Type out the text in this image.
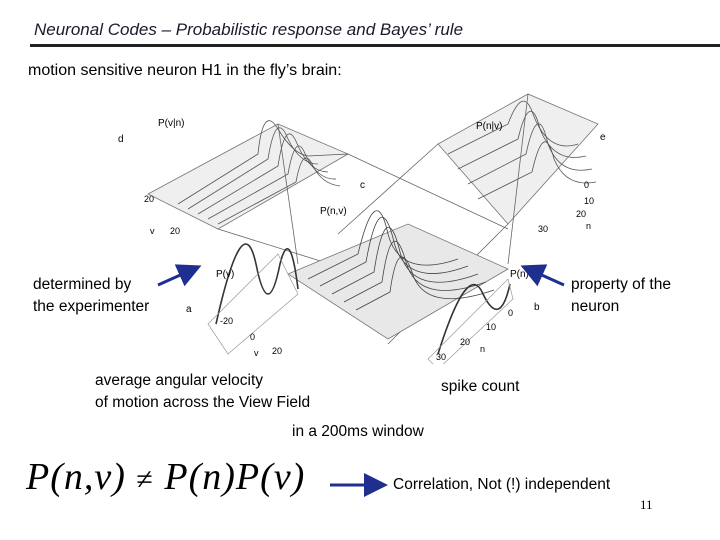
Neuronal Codes – Probabilistic response and Bayes’ rule
motion sensitive neuron H1 in the fly’s brain:
d
P(v|n)	P(n|v)
e
c
P(n,v)
P(v)	P(n)
a	b
20
v 20
0
10
20
30	n
-20
0
v 20
0
10
20
30
n
determined by
the experimenter
property of the
neuron
average angular velocity
of motion across the View Field
spike count
in a 200ms window
P(n,v) ≠ P(n)P(v)	Correlation, Not (!) independent
11
